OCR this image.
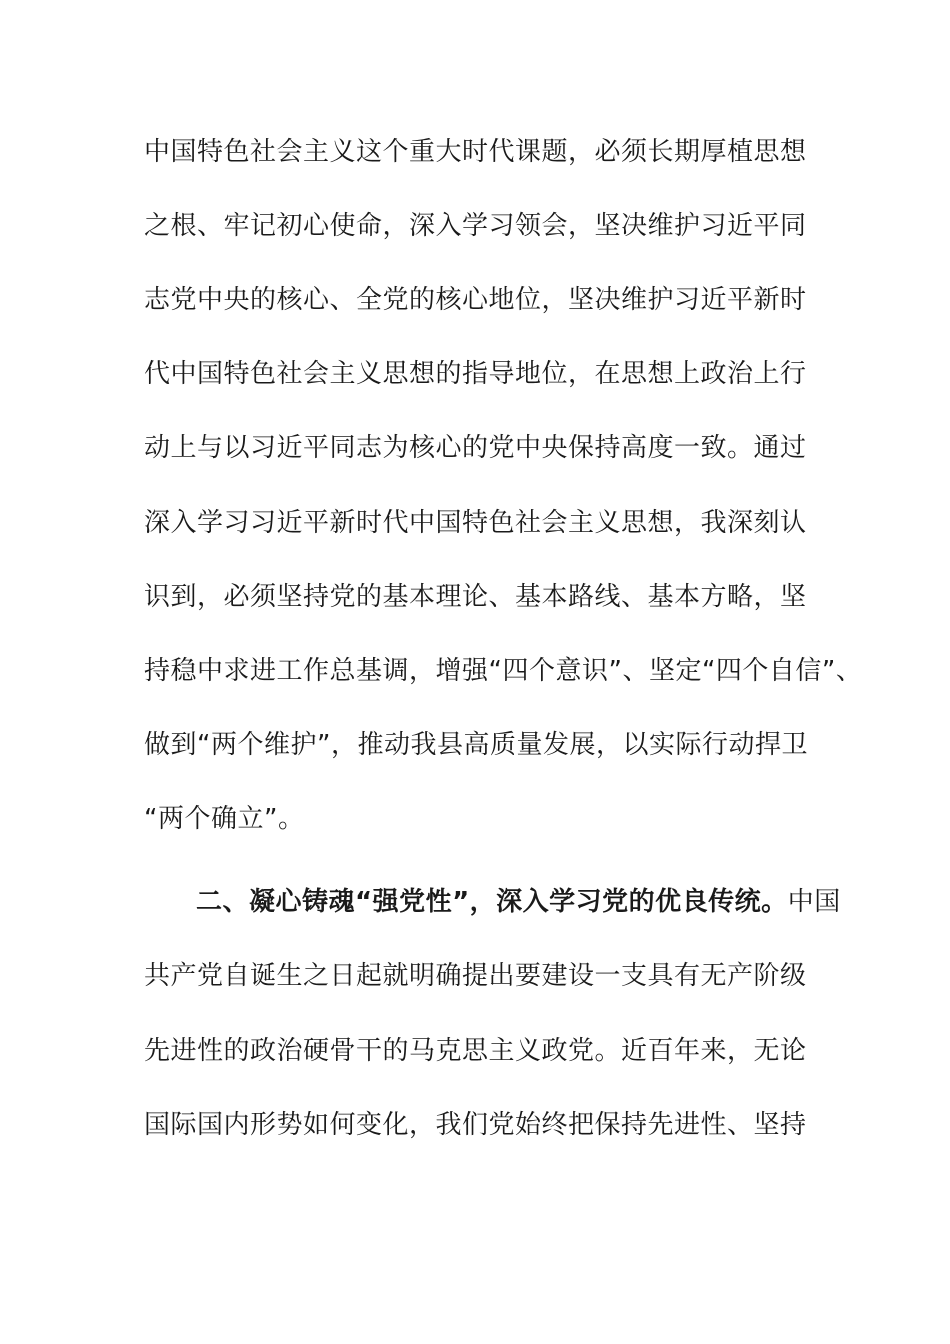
中国特色社会主义这个重大时代课题，必须长期厚植思想
之根、牢记初心使命，深入学习领会，坚决维护习近平同
志党中央的核心、全党的核心地位，坚决维护习近平新时
代中国特色社会主义思想的指导地位，在思想上政治上行
动上与以习近平同志为核心的党中央保持高度一致。通过
深入学习习近平新时代中国特色社会主义思想，我深刻认
识到，必须坚持党的基本理论、基本路线、基本方略，坚
持稳中求进工作总基调，增强“四个意识”、坚定“四个自信”、
做到“两个维护”，推动我县高质量发展，以实际行动捍卫
“两个确立”。
二、凝心铸魂“强党性”，深入学习党的优良传统。中国
共产党自诞生之日起就明确提出要建设一支具有无产阶级
先进性的政治硬骨干的马克思主义政党。近百年来，无论
国际国内形势如何变化，我们党始终把保持先进性、坚持
